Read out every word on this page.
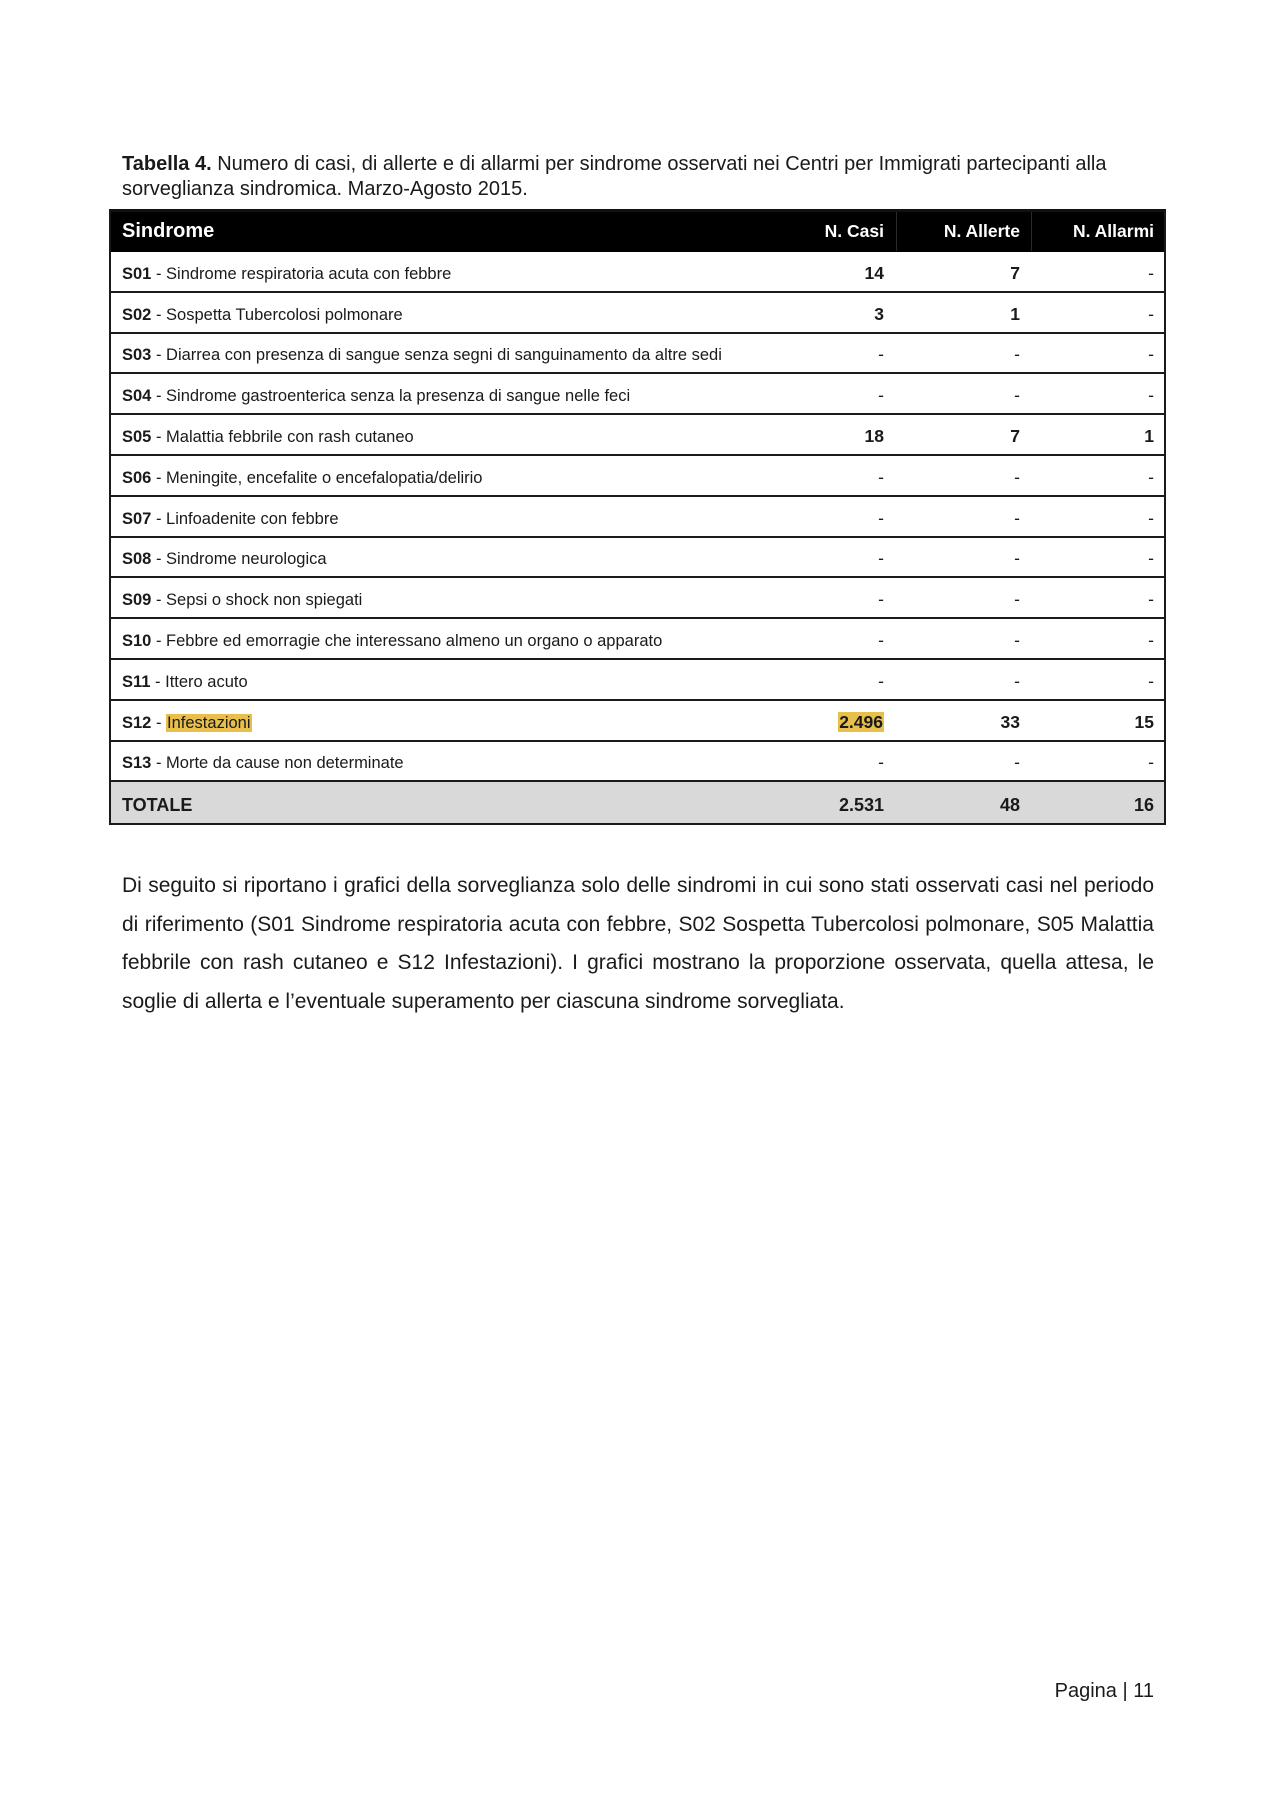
Tabella 4. Numero di casi, di allerte e di allarmi per sindrome osservati nei Centri per Immigrati partecipanti alla sorveglianza sindromica. Marzo-Agosto 2015.
Sindrome	N. Casi	N. Allerte	N. Allarmi
S01 - Sindrome respiratoria acuta con febbre	14	7	-
S02 - Sospetta Tubercolosi polmonare	3	1	-
S03 - Diarrea con presenza di sangue senza segni di sanguinamento da altre sedi	-	-	-
S04 - Sindrome gastroenterica senza la presenza di sangue nelle feci	-	-	-
S05 - Malattia febbrile con rash cutaneo	18	7	1
S06 - Meningite, encefalite o encefalopatia/delirio	-	-	-
S07 - Linfoadenite con febbre	-	-	-
S08 - Sindrome neurologica	-	-	-
S09 - Sepsi o shock non spiegati	-	-	-
S10 - Febbre ed emorragie che interessano almeno un organo o apparato	-	-	-
S11 - Ittero acuto	-	-	-
S12 - Infestazioni	2.496	33	15
S13 - Morte da cause non determinate	-	-	-
TOTALE	2.531	48	16
Di seguito si riportano i grafici della sorveglianza solo delle sindromi in cui sono stati osservati casi nel periodo di riferimento (S01 Sindrome respiratoria acuta con febbre, S02 Sospetta Tubercolosi polmonare, S05 Malattia febbrile con rash cutaneo e S12 Infestazioni). I grafici mostrano la proporzione osservata, quella attesa, le soglie di allerta e l’eventuale superamento per ciascuna sindrome sorvegliata.
Pagina | 11
